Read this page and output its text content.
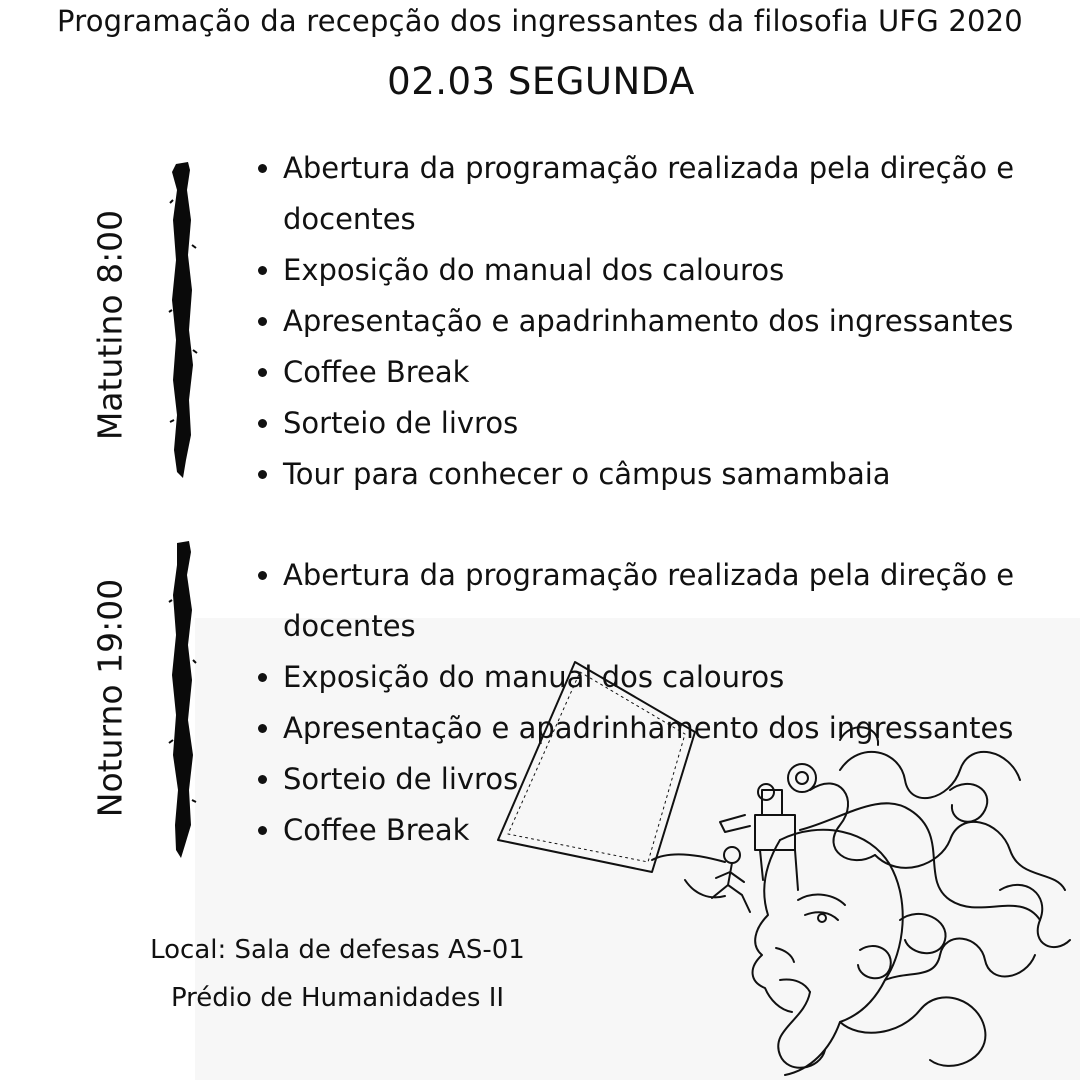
Programação da recepção dos ingressantes da filosofia UFG 2020
02.03 SEGUNDA
Matutino 8:00
Abertura da programação realizada pela direção e docentes
Exposição do manual dos calouros
Apresentação e apadrinhamento dos ingressantes
Coffee Break
Sorteio de livros
Tour para conhecer o câmpus samambaia
Noturno 19:00
Abertura da programação realizada pela direção e docentes
Exposição do manual dos calouros
Apresentação e apadrinhamento dos ingressantes
Sorteio de livros
Coffee Break
Local: Sala de defesas AS-01
Prédio de Humanidades II
